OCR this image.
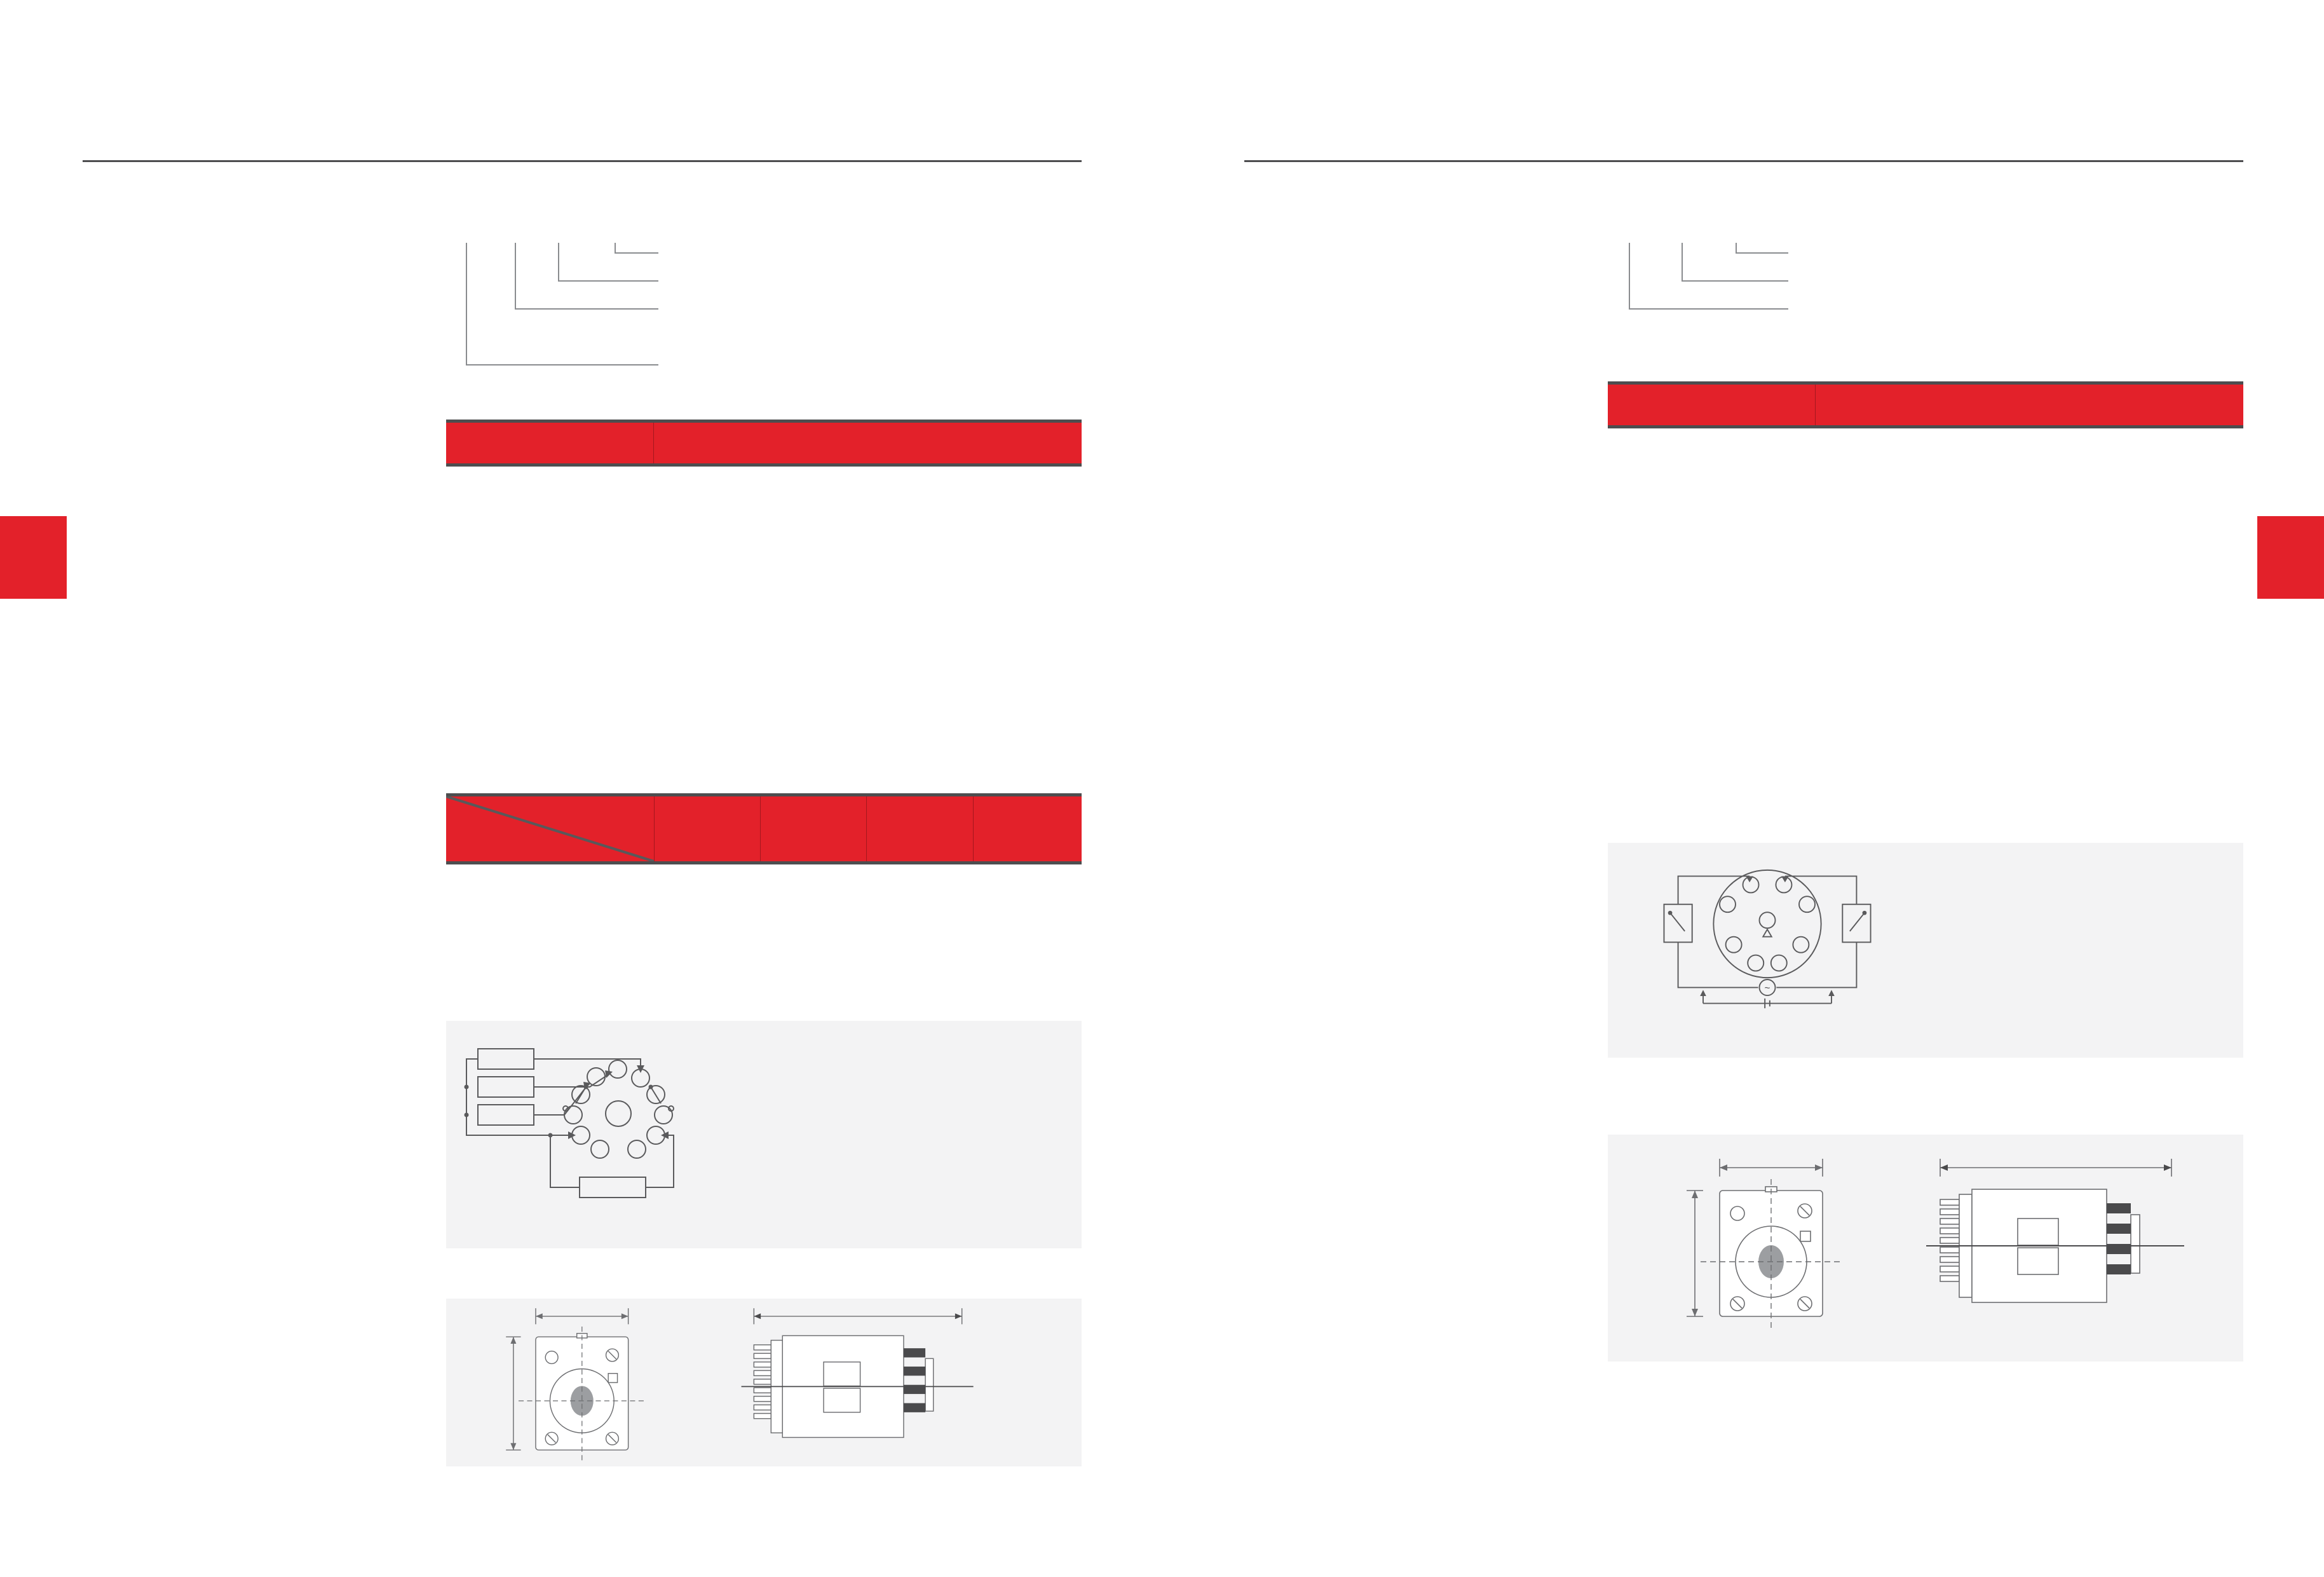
~
